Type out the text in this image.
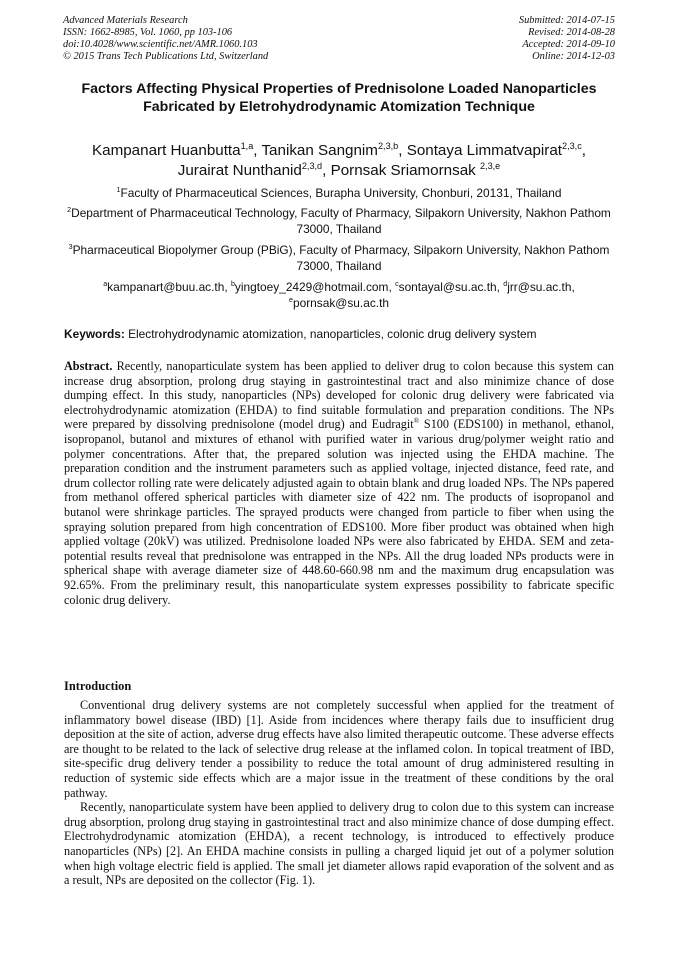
Advanced Materials Research
ISSN: 1662-8985, Vol. 1060, pp 103-106
doi:10.4028/www.scientific.net/AMR.1060.103
© 2015 Trans Tech Publications Ltd, Switzerland
Submitted: 2014-07-15
Revised: 2014-08-28
Accepted: 2014-09-10
Online: 2014-12-03
Factors Affecting Physical Properties of Prednisolone Loaded Nanoparticles Fabricated by Eletrohydrodynamic Atomization Technique
Kampanart Huanbutta$^{1,a}$, Tanikan Sangnim$^{2,3,b}$, Sontaya Limmatvapirat$^{2,3,c}$,
Jurairat Nunthanid$^{2,3,d}$, Pornsak Sriamornsak $^{2,3,e}$
$^1$Faculty of Pharmaceutical Sciences, Burapha University, Chonburi, 20131, Thailand
$^2$Department of Pharmaceutical Technology, Faculty of Pharmacy, Silpakorn University, Nakhon Pathom 73000, Thailand
$^3$Pharmaceutical Biopolymer Group (PBiG), Faculty of Pharmacy, Silpakorn University, Nakhon Pathom 73000, Thailand
$^a$kampanart@buu.ac.th, $^b$yingtoey_2429@hotmail.com, $^c$sontayal@su.ac.th, $^d$jrr@su.ac.th,
$^e$pornsak@su.ac.th
Keywords: Electrohydrodynamic atomization, nanoparticles, colonic drug delivery system

Abstract. Recently, nanoparticulate system has been applied to deliver drug to colon because this system can increase drug absorption, prolong drug staying in gastrointestinal tract and also minimize chance of dose dumping effect. In this study, nanoparticles (NPs) developed for colonic drug delivery were fabricated via electrohydrodynamic atomization (EHDA) to find suitable formulation and preparation conditions. The NPs were prepared by dissolving prednisolone (model drug) and Eudragit® S100 (EDS100) in methanol, ethanol, isopropanol, butanol and mixtures of ethanol with purified water in various drug/polymer weight ratio and polymer concentrations. After that, the prepared solution was injected using the EHDA machine. The preparation condition and the instrument parameters such as applied voltage, injected distance, feed rate, and drum collector rolling rate were delicately adjusted again to obtain blank and drug loaded NPs. The NPs papered from methanol offered spherical particles with diameter size of 422 nm. The products of isopropanol and butanol were shrinkage particles. The sprayed products were changed from particle to fiber when using the spraying solution prepared from high concentration of EDS100. More fiber product was obtained when high applied voltage (20kV) was utilized. Prednisolone loaded NPs were also fabricated by EHDA. SEM and zeta-potential results reveal that prednisolone was entrapped in the NPs. All the drug loaded NPs products were in spherical shape with average diameter size of 448.60-660.98 nm and the maximum drug encapsulation was 92.65%. From the preliminary result, this nanoparticulate system expresses possibility to fabricate specific colonic drug delivery.

Introduction

Conventional drug delivery systems are not completely successful when applied for the treatment of inflammatory bowel disease (IBD) [1]. Aside from incidences where therapy fails due to insufficient drug deposition at the site of action, adverse drug effects have also limited therapeutic outcome. These adverse effects are thought to be related to the lack of selective drug release at the inflamed colon. In topical treatment of IBD, site-specific drug delivery tender a possibility to reduce the total amount of drug administered resulting in reduction of systemic side effects which are a major issue in the treatment of these conditions by the oral pathway.

Recently, nanoparticulate system have been applied to delivery drug to colon due to this system can increase drug absorption, prolong drug staying in gastrointestinal tract and also minimize chance of dose dumping effect. Electrohydrodynamic atomization (EHDA), a recent technology, is introduced to effectively produce nanoparticles (NPs) [2]. An EHDA machine consists in pulling a charged liquid jet out of a polymer solution when high voltage electric field is applied. The small jet diameter allows rapid evaporation of the solvent and as a result, NPs are deposited on the collector (Fig. 1).
